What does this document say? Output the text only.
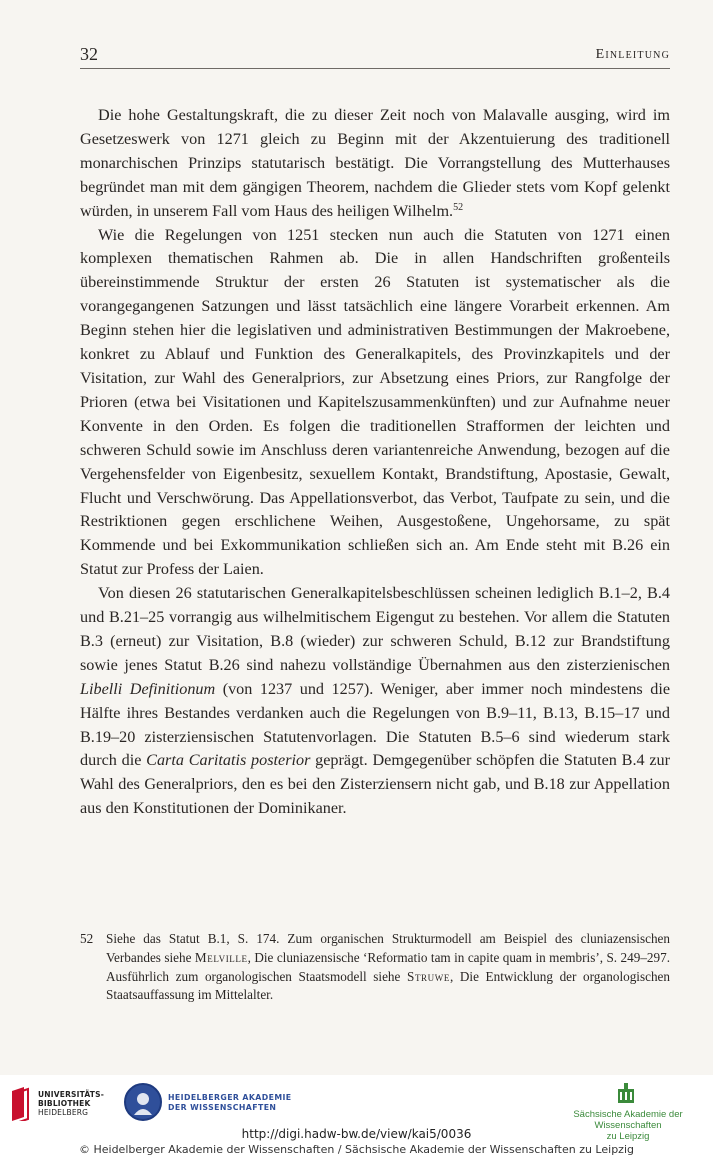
32	Einleitung

Die hohe Gestaltungskraft, die zu dieser Zeit noch von Malavalle ausging, wird im Gesetzeswerk von 1271 gleich zu Beginn mit der Akzentuierung des traditionell monarchischen Prinzips statutarisch bestätigt. Die Vorrangstellung des Mutterhauses begründet man mit dem gängigen Theorem, nachdem die Glieder stets vom Kopf gelenkt würden, in unserem Fall vom Haus des heiligen Wilhelm.$^{52}$

Wie die Regelungen von 1251 stecken nun auch die Statuten von 1271 einen komplexen thematischen Rahmen ab. Die in allen Handschriften großenteils übereinstimmende Struktur der ersten 26 Statuten ist systematischer als die vorangegangenen Satzungen und lässt tatsächlich eine längere Vorarbeit erkennen. Am Beginn stehen hier die legislativen und administrativen Bestimmungen der Makroebene, konkret zu Ablauf und Funktion des Generalkapitels, des Provinzkapitels und der Visitation, zur Wahl des Generalpriors, zur Absetzung eines Priors, zur Rangfolge der Prioren (etwa bei Visitationen und Kapitelszusammenkünften) und zur Aufnahme neuer Konvente in den Orden. Es folgen die traditionellen Strafformen der leichten und schweren Schuld sowie im Anschluss deren variantenreiche Anwendung, bezogen auf die Vergehensfelder von Eigenbesitz, sexuellem Kontakt, Brandstiftung, Apostasie, Gewalt, Flucht und Verschwörung. Das Appellationsverbot, das Verbot, Taufpate zu sein, und die Restriktionen gegen erschlichene Weihen, Ausgestoßene, Ungehorsame, zu spät Kommende und bei Exkommunikation schließen sich an. Am Ende steht mit B.26 ein Statut zur Profess der Laien.

Von diesen 26 statutarischen Generalkapitelsbeschlüssen scheinen lediglich B.1–2, B.4 und B.21–25 vorrangig aus wilhelmitischem Eigengut zu bestehen. Vor allem die Statuten B.3 (erneut) zur Visitation, B.8 (wieder) zur schweren Schuld, B.12 zur Brandstiftung sowie jenes Statut B.26 sind nahezu vollständige Übernahmen aus den zisterzienischen Libelli Definitionum (von 1237 und 1257). Weniger, aber immer noch mindestens die Hälfte ihres Bestandes verdanken auch die Regelungen von B.9–11, B.13, B.15–17 und B.19–20 zisterziensischen Statutenvorlagen. Die Statuten B.5–6 sind wiederum stark durch die Carta Caritatis posterior geprägt. Demgegenüber schöpfen die Statuten B.4 zur Wahl des Generalpriors, den es bei den Zisterziensern nicht gab, und B.18 zur Appellation aus den Konstitutionen der Dominikaner.

52 Siehe das Statut B.1, S. 174. Zum organischen Strukturmodell am Beispiel des cluniazensischen Verbandes siehe Melville, Die cluniazensische ‘Reformatio tam in capite quam in membris’, S. 249–297. Ausführlich zum organologischen Staatsmodell siehe Struwe, Die Entwicklung der organologischen Staatsauffassung im Mittelalter.
UNIVERSITÄTS-
BIBLIOTHEK
HEIDELBERG
HEIDELBERGER AKADEMIE
DER WISSENSCHAFTEN
Sächsische Akademie der Wissenschaften
zu Leipzig
http://digi.hadw-bw.de/view/kai5/0036
© Heidelberger Akademie der Wissenschaften / Sächsische Akademie der Wissenschaften zu Leipzig
